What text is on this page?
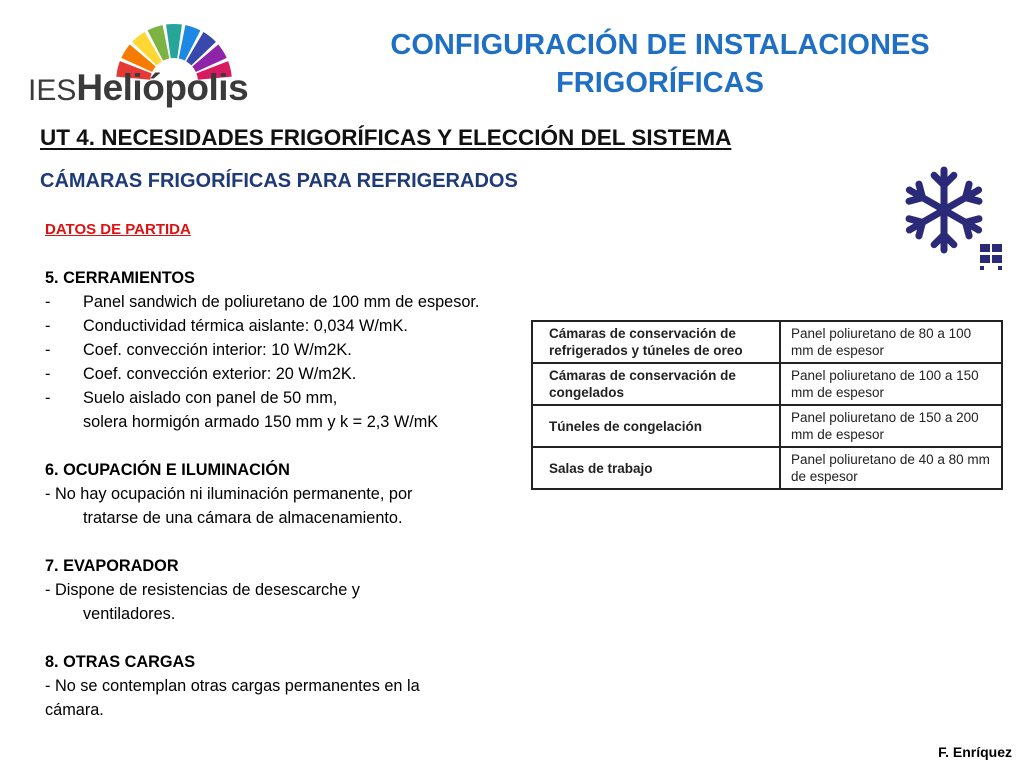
IESHeliópolis
CONFIGURACIÓN DE INSTALACIONES
FRIGORÍFICAS
UT 4. NECESIDADES FRIGORÍFICAS Y ELECCIÓN DEL SISTEMA
CÁMARAS FRIGORÍFICAS PARA REFRIGERADOS
DATOS DE PARTIDA
5. CERRAMIENTOS
-	Panel sandwich de poliuretano de 100 mm de espesor.
-	Conductividad térmica aislante: 0,034 W/mK.
-	Coef. convección interior: 10 W/m2K.
-	Coef. convección exterior: 20 W/m2K.
-	Suelo aislado con panel de 50 mm,
solera hormigón armado 150 mm y k = 2,3 W/mK
6. OCUPACIÓN E ILUMINACIÓN
- No hay ocupación ni iluminación permanente, por
tratarse de una cámara de almacenamiento.
7. EVAPORADOR
- Dispone de resistencias de desescarche y
ventiladores.
8. OTRAS CARGAS
- No se contemplan otras cargas permanentes en la
cámara.
Cámaras de conservación de refrigerados y túneles de oreo	Panel poliuretano de 80 a 100 mm de espesor
Cámaras de conservación de congelados	Panel poliuretano de 100 a 150 mm de espesor
Túneles de congelación	Panel poliuretano de 150 a 200 mm de espesor
Salas de trabajo	Panel poliuretano de 40 a 80 mm de espesor
F. Enríquez
